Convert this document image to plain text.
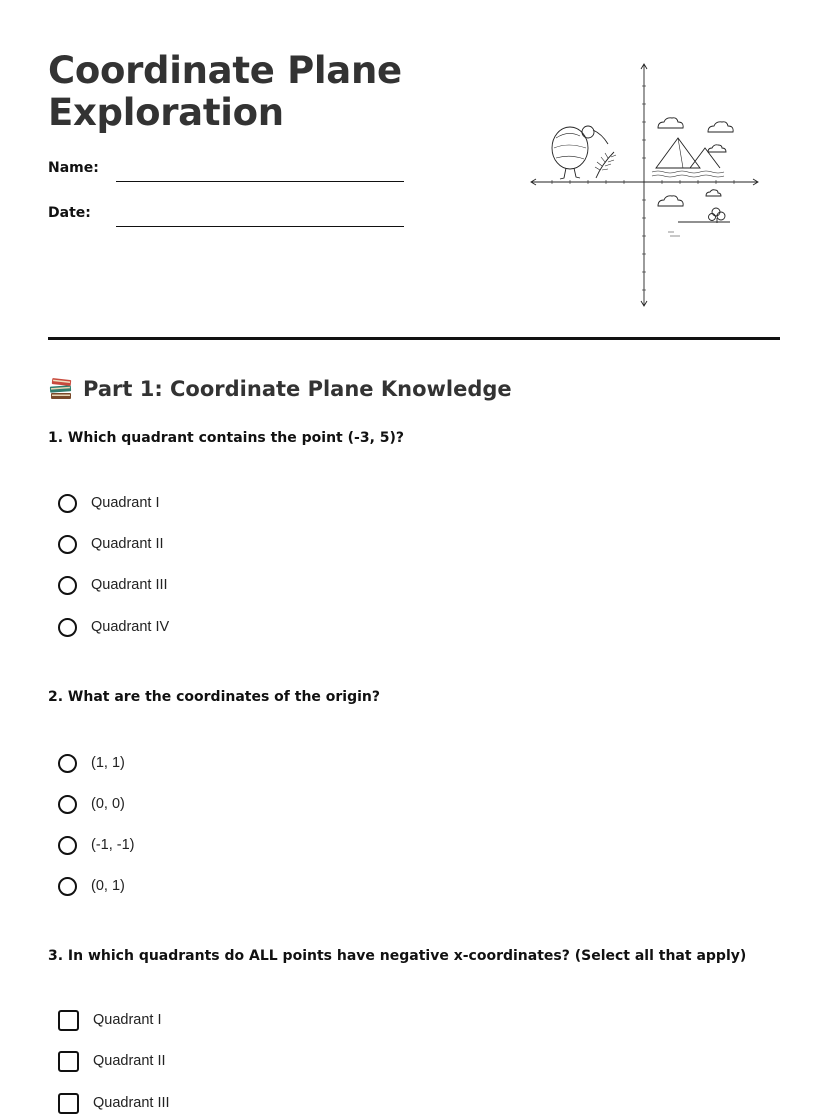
Coordinate Plane
Exploration
Name:
Date:
Part 1: Coordinate Plane Knowledge
1. Which quadrant contains the point (-3, 5)?
Quadrant I
Quadrant II
Quadrant III
Quadrant IV
2. What are the coordinates of the origin?
(1, 1)
(0, 0)
(-1, -1)
(0, 1)
3. In which quadrants do ALL points have negative x-coordinates? (Select all that apply)
Quadrant I
Quadrant II
Quadrant III
